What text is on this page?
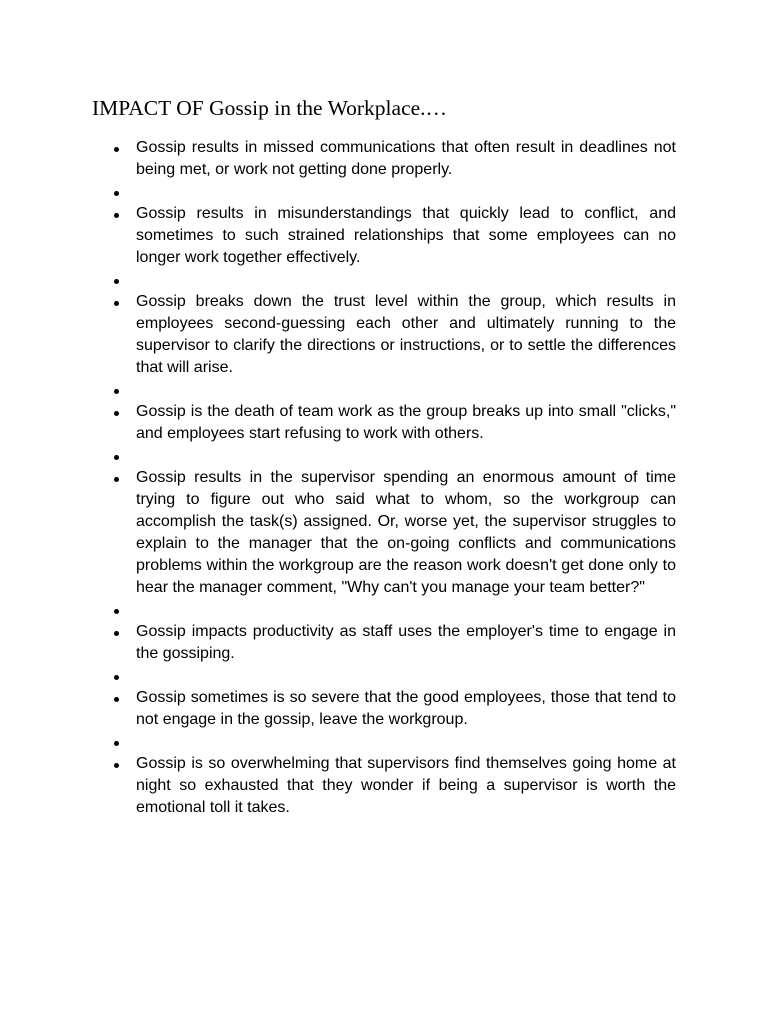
IMPACT OF Gossip in the Workplace.…
Gossip results in missed communications that often result in deadlines not being met, or work not getting done properly.
Gossip results in misunderstandings that quickly lead to conflict, and sometimes to such strained relationships that some employees can no longer work together effectively.
Gossip breaks down the trust level within the group, which results in employees second-guessing each other and ultimately running to the supervisor to clarify the directions or instructions, or to settle the differences that will arise.
Gossip is the death of team work as the group breaks up into small "clicks," and employees start refusing to work with others.
Gossip results in the supervisor spending an enormous amount of time trying to figure out who said what to whom, so the workgroup can accomplish the task(s) assigned. Or, worse yet, the supervisor struggles to explain to the manager that the on-going conflicts and communications problems within the workgroup are the reason work doesn't get done only to hear the manager comment, "Why can't you manage your team better?"
Gossip impacts productivity as staff uses the employer's time to engage in the gossiping.
Gossip sometimes is so severe that the good employees, those that tend to not engage in the gossip, leave the workgroup.
Gossip is so overwhelming that supervisors find themselves going home at night so exhausted that they wonder if being a supervisor is worth the emotional toll it takes.
